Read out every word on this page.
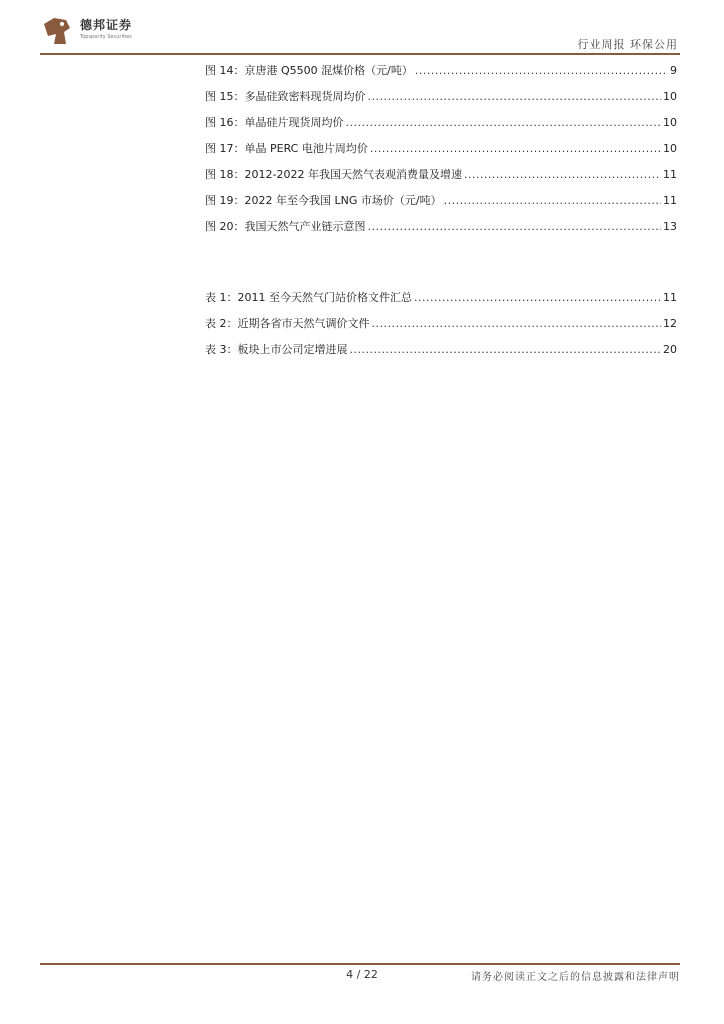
德邦证券
Topsperity Securities
行业周报 环保公用
图 14：京唐港 Q5500 混煤价格（元/吨） .....	9
图 15：多晶硅致密料现货周均价 .....	10
图 16：单晶硅片现货周均价 .....	10
图 17：单晶 PERC 电池片周均价 .....	10
图 18：2012-2022 年我国天然气表观消费量及增速 .....	11
图 19：2022 年至今我国 LNG 市场价（元/吨） .....	11
图 20：我国天然气产业链示意图 .....	13
表 1：2011 至今天然气门站价格文件汇总 .....	11
表 2：近期各省市天然气调价文件 .....	12
表 3：板块上市公司定增进展 .....	20
4 / 22	请务必阅读正文之后的信息披露和法律声明
